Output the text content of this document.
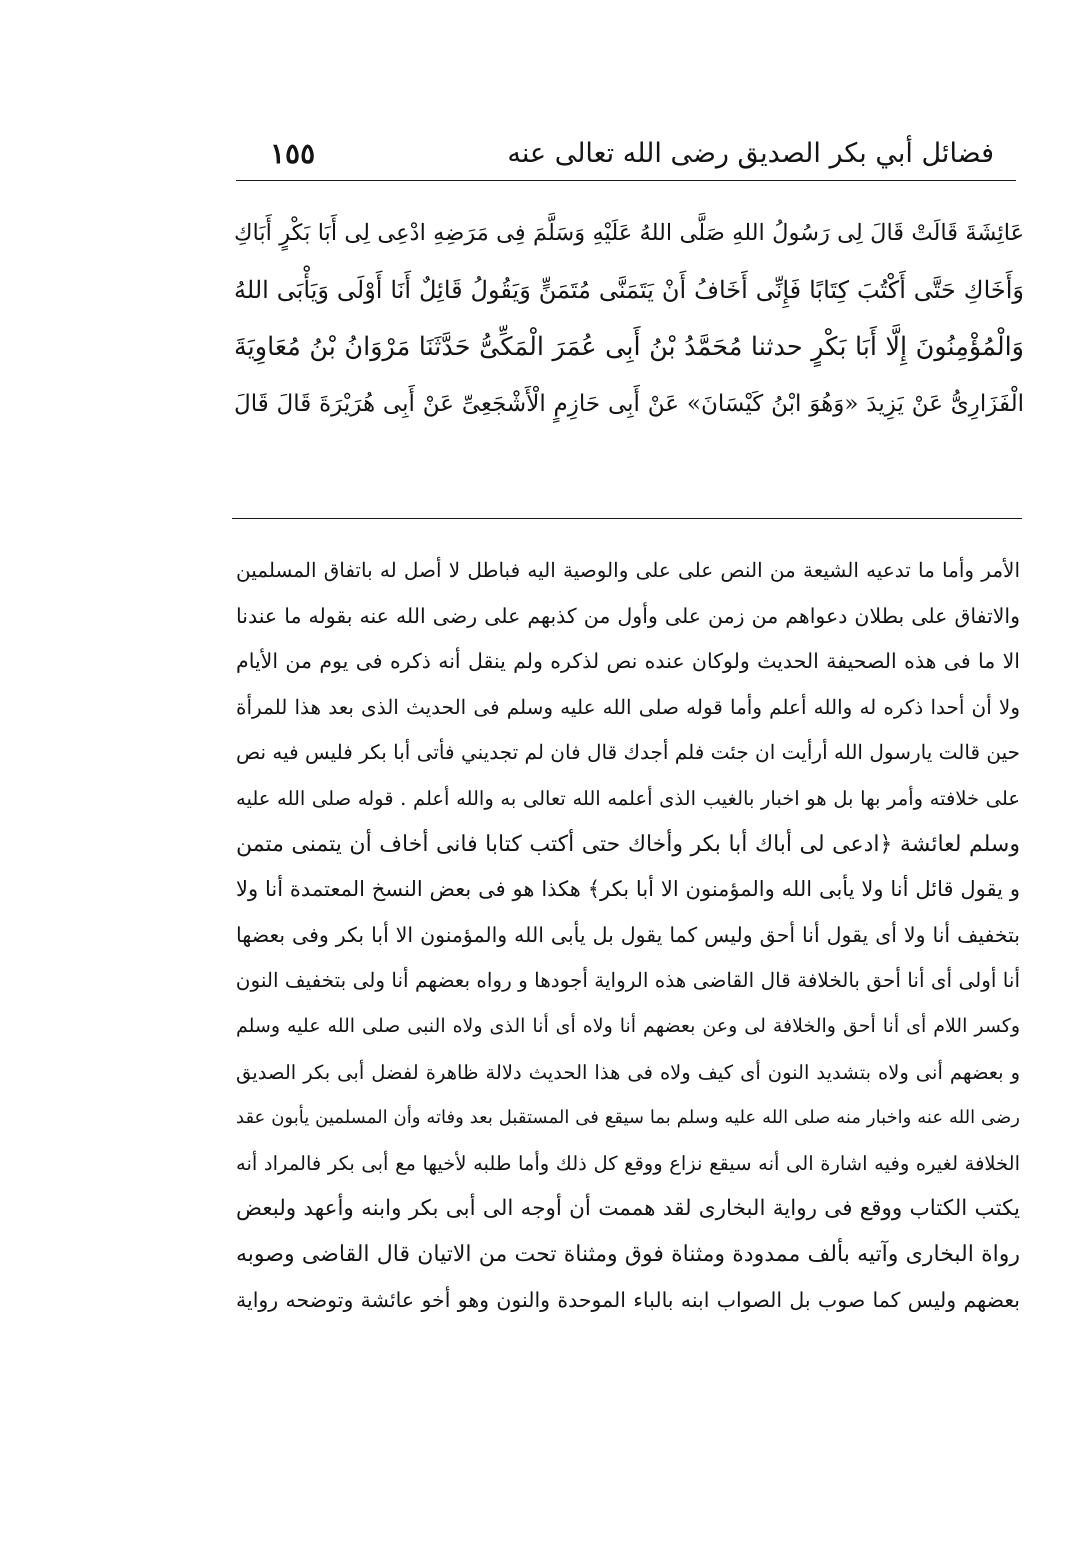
فضائل أبي بكر الصديق رضى الله تعالى عنه
١٥٥
عَائِشَةَ قَالَتْ قَالَ لِى رَسُولُ اللهِ صَلَّى اللهُ عَلَيْهِ وَسَلَّمَ فِى مَرَضِهِ ادْعِى لِى أَبَا بَكْرٍ أَبَاكِ
وَأَخَاكِ حَتَّى أَكْتُبَ كِتَابًا فَإِنِّى أَخَافُ أَنْ يَتَمَنَّى مُتَمَنٍّ وَيَقُولُ قَائِلٌ أَنَا أَوْلَى وَيَأْبَى اللهُ
وَالْمُؤْمِنُونَ إِلَّا أَبَا بَكْرٍ حدثنا مُحَمَّدُ بْنُ أَبِى عُمَرَ الْمَكِّىُّ حَدَّثَنَا مَرْوَانُ بْنُ مُعَاوِيَةَ
الْفَزَارِىُّ عَنْ يَزِيدَ «وَهُوَ ابْنُ كَيْسَانَ» عَنْ أَبِى حَازِمٍ الْأَشْجَعِىِّ عَنْ أَبِى هُرَيْرَةَ قَالَ قَالَ
الأمر وأما ما تدعيه الشيعة من النص على على والوصية اليه فباطل لا أصل له باتفاق المسلمين
والاتفاق على بطلان دعواهم من زمن على وأول من كذبهم على رضى الله عنه بقوله ما عندنا
الا ما فى هذه الصحيفة الحديث ولوكان عنده نص لذكره ولم ينقل أنه ذكره فى يوم من الأيام
ولا أن أحدا ذكره له والله أعلم وأما قوله صلى الله عليه وسلم فى الحديث الذى بعد هذا للمرأة
حين قالت يارسول الله أرأيت ان جئت فلم أجدك قال فان لم تجديني فأتى أبا بكر فليس فيه نص
على خلافته وأمر بها بل هو اخبار بالغيب الذى أعلمه الله تعالى به والله أعلم . قوله صلى الله عليه
وسلم لعائشة ﴿ادعى لى أباك أبا بكر وأخاك حتى أكتب كتابا فانى أخاف أن يتمنى متمن
و يقول قائل أنا ولا يأبى الله والمؤمنون الا أبا بكر﴾ هكذا هو فى بعض النسخ المعتمدة أنا ولا
بتخفيف أنا ولا أى يقول أنا أحق وليس كما يقول بل يأبى الله والمؤمنون الا أبا بكر وفى بعضها
أنا أولى أى أنا أحق بالخلافة قال القاضى هذه الرواية أجودها و رواه بعضهم أنا ولى بتخفيف النون
وكسر اللام أى أنا أحق والخلافة لى وعن بعضهم أنا ولاه أى أنا الذى ولاه النبى صلى الله عليه وسلم
و بعضهم أنى ولاه بتشديد النون أى كيف ولاه فى هذا الحديث دلالة ظاهرة لفضل أبى بكر الصديق
رضى الله عنه واخبار منه صلى الله عليه وسلم بما سيقع فى المستقبل بعد وفاته وأن المسلمين يأبون عقد
الخلافة لغيره وفيه اشارة الى أنه سيقع نزاع ووقع كل ذلك وأما طلبه لأخيها مع أبى بكر فالمراد أنه
يكتب الكتاب ووقع فى رواية البخارى لقد هممت أن أوجه الى أبى بكر وابنه وأعهد ولبعض
رواة البخارى وآتيه بألف ممدودة ومثناة فوق ومثناة تحت من الاتيان قال القاضى وصوبه
بعضهم وليس كما صوب بل الصواب ابنه بالباء الموحدة والنون وهو أخو عائشة وتوضحه رواية
